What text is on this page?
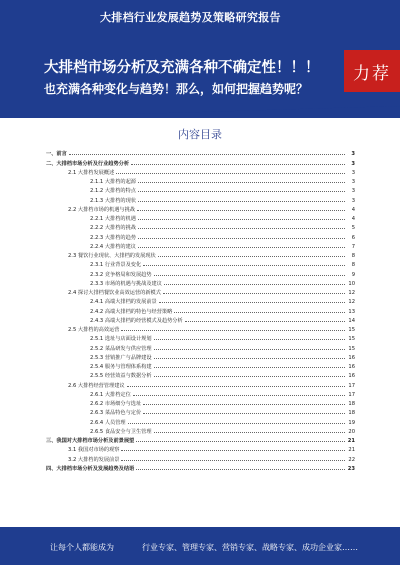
大排档行业发展趋势及策略研究报告
大排档市场分析及充满各种不确定性！！！
也充满各种变化与趋势！那么，如何把握趋势呢？
力荐
内容目录
一、前言	3
二、大排档市场分析及行业趋势分析	3
2.1 大排档发展概述	3
2.1.1 大排档的起源	3
2.1.2 大排档的特点	3
2.1.3 大排档的现状	3
2.2 大排档市场的机遇与挑战	4
2.2.1 大排档的机遇	4
2.2.2 大排档的挑战	5
2.2.3 大排档的趋势	6
2.2.4 大排档的建议	7
2.3 餐饮行业现状、大排档的发展现状	8
2.3.1 行业背景及变化	8
2.3.2 竞争格局和发展趋势	9
2.3.3 市场的机遇与挑战及建议	10
2.4 探讨大排档餐饮业高效运营的新模式	12
2.4.1 高端大排档的发展前景	12
2.4.2 高端大排档的特色与经营策略	13
2.4.3 高端大排档的经营模式及趋势分析	14
2.5 大排档的高效运营	15
2.5.1 选址与店面设计规划	15
2.5.2 菜品研发与供应管理	15
2.5.3 营销推广与品牌建设	16
2.5.4 服务与管理体系构建	16
2.5.5 经营效益与数据分析	16
2.6 大排档经营管理建议	17
2.6.1 大排档定位	17
2.6.2 市场细分与选址	18
2.6.3 菜品特色与定价	18
2.6.4 人员管理	19
2.6.5 食品安全与卫生管理	20
三、我国对大排档市场分析及前景展望	21
3.1 我国对市场的观察	21
3.2 大排档的发展前景	22
四、大排档市场分析及发展趋势及结语	23
让每个人都能成为	行业专家、管理专家、营销专家、战略专家、成功企业家……
